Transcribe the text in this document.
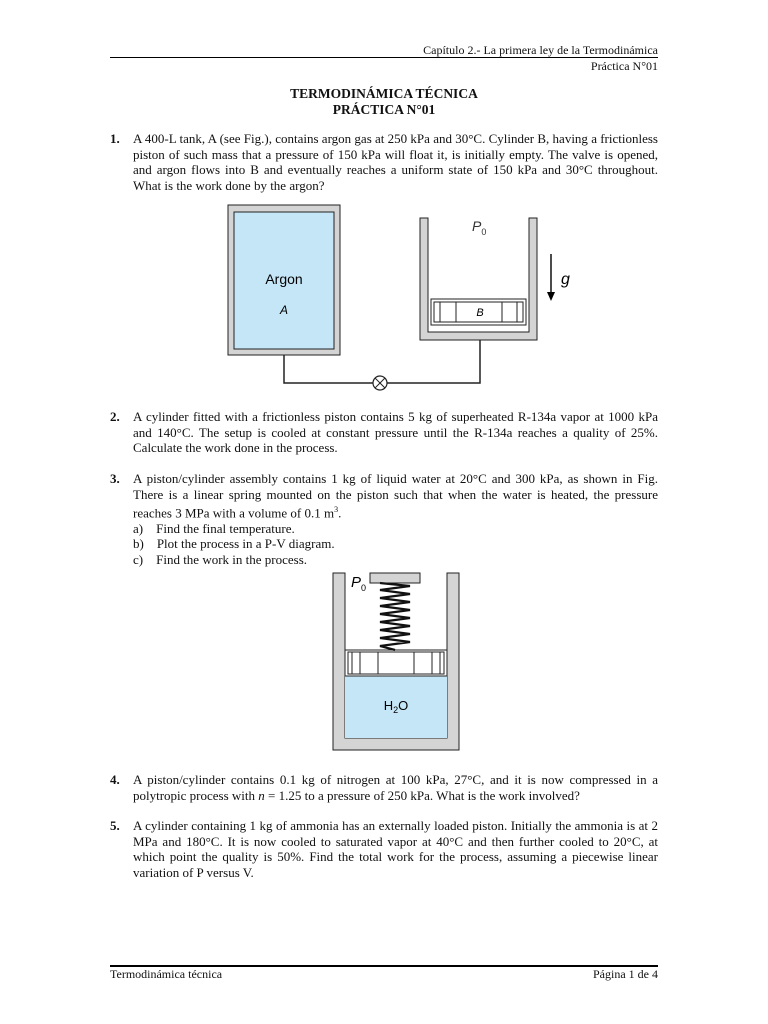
Capítulo 2.- La primera ley de la Termodinámica
Práctica N°01
TERMODINÁMICA TÉCNICA
PRÁCTICA N°01
1. A 400-L tank, A (see Fig.), contains argon gas at 250 kPa and 30°C. Cylinder B, having a frictionless piston of such mass that a pressure of 150 kPa will float it, is initially empty. The valve is opened, and argon flows into B and eventually reaches a uniform state of 150 kPa and 30°C throughout. What is the work done by the argon?
Argon
A	B
$P_0$
g
2. A cylinder fitted with a frictionless piston contains 5 kg of superheated R-134a vapor at 1000 kPa and 140°C. The setup is cooled at constant pressure until the R-134a reaches a quality of 25%. Calculate the work done in the process.
3. A piston/cylinder assembly contains 1 kg of liquid water at 20°C and 300 kPa, as shown in Fig. There is a linear spring mounted on the piston such that when the water is heated, the pressure reaches 3 MPa with a volume of 0.1 $m^3$.
a) Find the final temperature.
b) Plot the process in a P-V diagram.
c) Find the work in the process.
$P_0$
$H_2O$
4. A piston/cylinder contains 0.1 kg of nitrogen at 100 kPa, 27°C, and it is now compressed in a polytropic process with n = 1.25 to a pressure of 250 kPa. What is the work involved?
5. A cylinder containing 1 kg of ammonia has an externally loaded piston. Initially the ammonia is at 2 MPa and 180°C. It is now cooled to saturated vapor at 40°C and then further cooled to 20°C, at which point the quality is 50%. Find the total work for the process, assuming a piecewise linear variation of P versus V.
Termodinámica técnica	Página 1 de 4
